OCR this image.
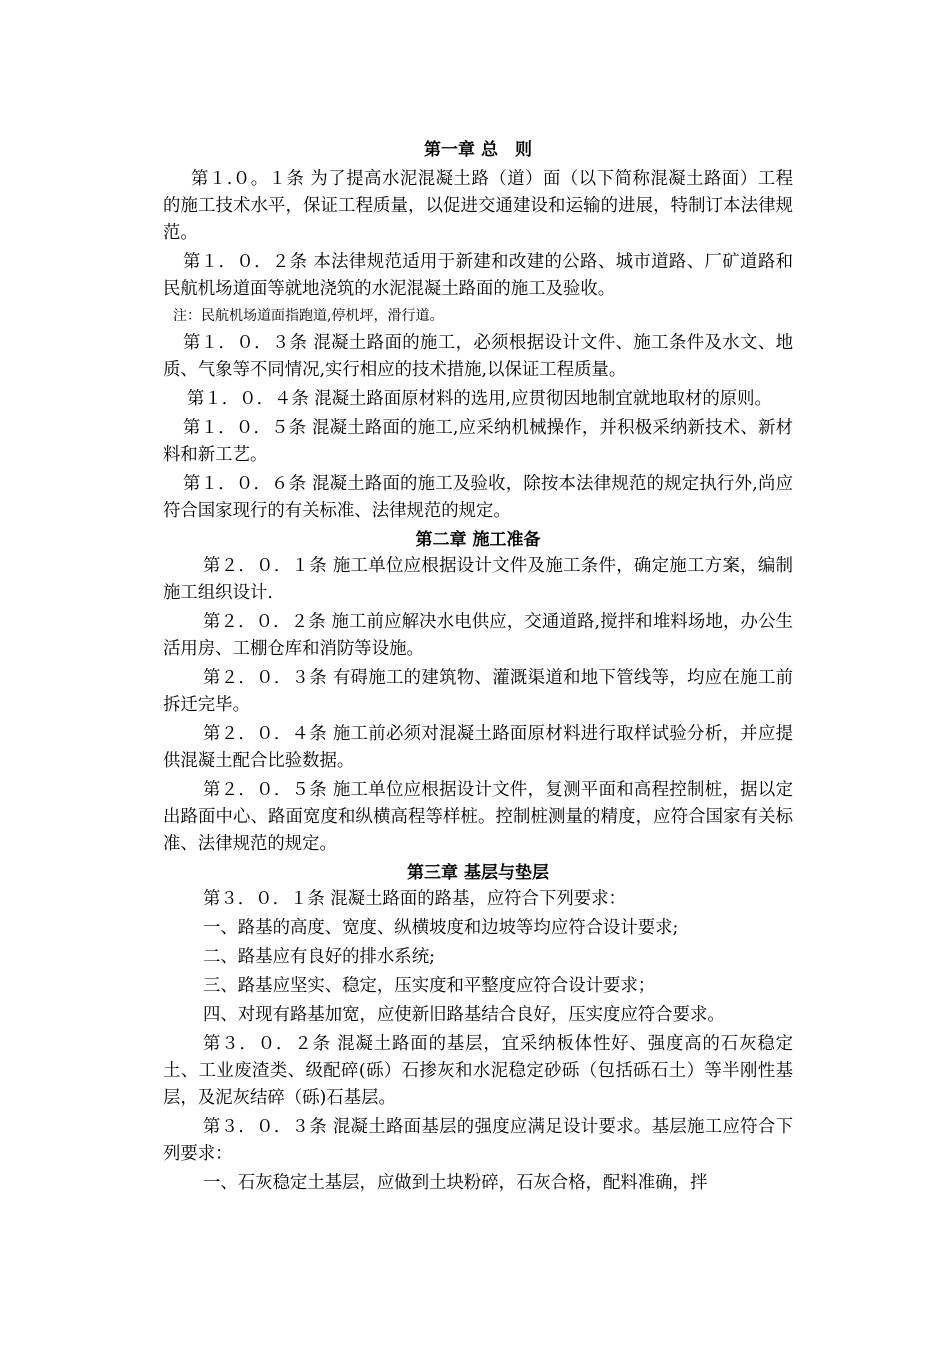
第一章 总　则

第１.０。１条 为了提高水泥混凝土路（道）面（以下简称混凝土路面）工程的施工技术水平，保证工程质量，以促进交通建设和运输的进展，特制订本法律规范。

第１．０．２条 本法律规范适用于新建和改建的公路、城市道路、厂矿道路和民航机场道面等就地浇筑的水泥混凝土路面的施工及验收。

注：民航机场道面指跑道,停机坪，滑行道。

第１．０．３条 混凝土路面的施工，必须根据设计文件、施工条件及水文、地质、气象等不同情况,实行相应的技术措施,以保证工程质量。

第１．０．４条 混凝土路面原材料的选用,应贯彻因地制宜就地取材的原则。

第１．０．５条 混凝土路面的施工,应采纳机械操作，并积极采纳新技术、新材料和新工艺。

第１．０．６条 混凝土路面的施工及验收，除按本法律规范的规定执行外,尚应符合国家现行的有关标准、法律规范的规定。

第二章 施工准备

第２．０．１条 施工单位应根据设计文件及施工条件，确定施工方案，编制施工组织设计.

第２．０．２条 施工前应解决水电供应，交通道路,搅拌和堆料场地，办公生活用房、工棚仓库和消防等设施。

第２．０．３条 有碍施工的建筑物、灌溉渠道和地下管线等，均应在施工前拆迁完毕。

第２．０．４条 施工前必须对混凝土路面原材料进行取样试验分析，并应提供混凝土配合比验数据。

第２．０．５条 施工单位应根据设计文件，复测平面和高程控制桩，据以定出路面中心、路面宽度和纵横高程等样桩。控制桩测量的精度，应符合国家有关标准、法律规范的规定。

第三章 基层与垫层

第３．０．１条 混凝土路面的路基，应符合下列要求：

一、路基的高度、宽度、纵横坡度和边坡等均应符合设计要求;

二、路基应有良好的排水系统;

三、路基应坚实、稳定，压实度和平整度应符合设计要求；

四、对现有路基加宽，应使新旧路基结合良好，压实度应符合要求。

第３．０．２条 混凝土路面的基层，宜采纳板体性好、强度高的石灰稳定土、工业废渣类、级配碎(砾）石掺灰和水泥稳定砂砾（包括砾石土）等半刚性基层，及泥灰结碎（砾)石基层。

第３．０．３条 混凝土路面基层的强度应满足设计要求。基层施工应符合下列要求：

一、石灰稳定土基层，应做到土块粉碎，石灰合格，配料准确，拌
